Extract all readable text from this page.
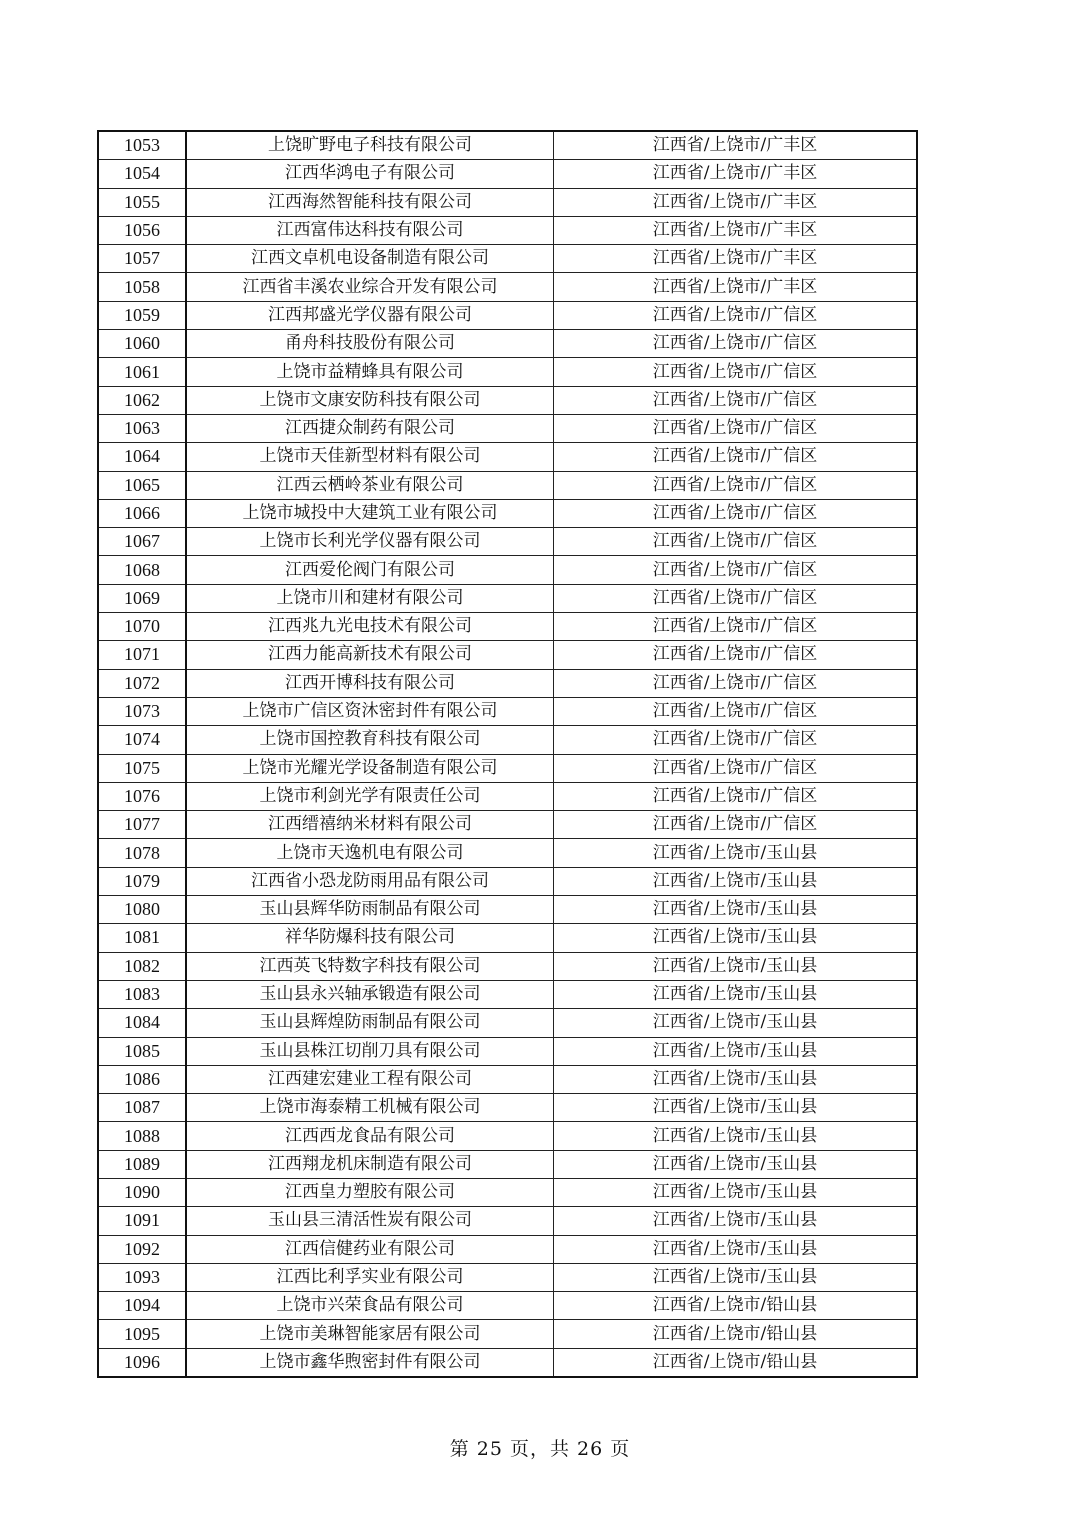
1053	上饶旷野电子科技有限公司	江西省/上饶市/广丰区
1054	江西华鸿电子有限公司	江西省/上饶市/广丰区
1055	江西海然智能科技有限公司	江西省/上饶市/广丰区
1056	江西富伟达科技有限公司	江西省/上饶市/广丰区
1057	江西文卓机电设备制造有限公司	江西省/上饶市/广丰区
1058	江西省丰溪农业综合开发有限公司	江西省/上饶市/广丰区
1059	江西邦盛光学仪器有限公司	江西省/上饶市/广信区
1060	甬舟科技股份有限公司	江西省/上饶市/广信区
1061	上饶市益精蜂具有限公司	江西省/上饶市/广信区
1062	上饶市文康安防科技有限公司	江西省/上饶市/广信区
1063	江西捷众制药有限公司	江西省/上饶市/广信区
1064	上饶市天佳新型材料有限公司	江西省/上饶市/广信区
1065	江西云栖岭茶业有限公司	江西省/上饶市/广信区
1066	上饶市城投中大建筑工业有限公司	江西省/上饶市/广信区
1067	上饶市长利光学仪器有限公司	江西省/上饶市/广信区
1068	江西爱伦阀门有限公司	江西省/上饶市/广信区
1069	上饶市川和建材有限公司	江西省/上饶市/广信区
1070	江西兆九光电技术有限公司	江西省/上饶市/广信区
1071	江西力能高新技术有限公司	江西省/上饶市/广信区
1072	江西开博科技有限公司	江西省/上饶市/广信区
1073	上饶市广信区资沐密封件有限公司	江西省/上饶市/广信区
1074	上饶市国控教育科技有限公司	江西省/上饶市/广信区
1075	上饶市光耀光学设备制造有限公司	江西省/上饶市/广信区
1076	上饶市利剑光学有限责任公司	江西省/上饶市/广信区
1077	江西缙禧纳米材料有限公司	江西省/上饶市/广信区
1078	上饶市天逸机电有限公司	江西省/上饶市/玉山县
1079	江西省小恐龙防雨用品有限公司	江西省/上饶市/玉山县
1080	玉山县辉华防雨制品有限公司	江西省/上饶市/玉山县
1081	祥华防爆科技有限公司	江西省/上饶市/玉山县
1082	江西英飞特数字科技有限公司	江西省/上饶市/玉山县
1083	玉山县永兴轴承锻造有限公司	江西省/上饶市/玉山县
1084	玉山县辉煌防雨制品有限公司	江西省/上饶市/玉山县
1085	玉山县株江切削刀具有限公司	江西省/上饶市/玉山县
1086	江西建宏建业工程有限公司	江西省/上饶市/玉山县
1087	上饶市海泰精工机械有限公司	江西省/上饶市/玉山县
1088	江西西龙食品有限公司	江西省/上饶市/玉山县
1089	江西翔龙机床制造有限公司	江西省/上饶市/玉山县
1090	江西皇力塑胶有限公司	江西省/上饶市/玉山县
1091	玉山县三清活性炭有限公司	江西省/上饶市/玉山县
1092	江西信健药业有限公司	江西省/上饶市/玉山县
1093	江西比利孚实业有限公司	江西省/上饶市/玉山县
1094	上饶市兴荣食品有限公司	江西省/上饶市/铅山县
1095	上饶市美琳智能家居有限公司	江西省/上饶市/铅山县
1096	上饶市鑫华煦密封件有限公司	江西省/上饶市/铅山县
第 25 页，共 26 页
